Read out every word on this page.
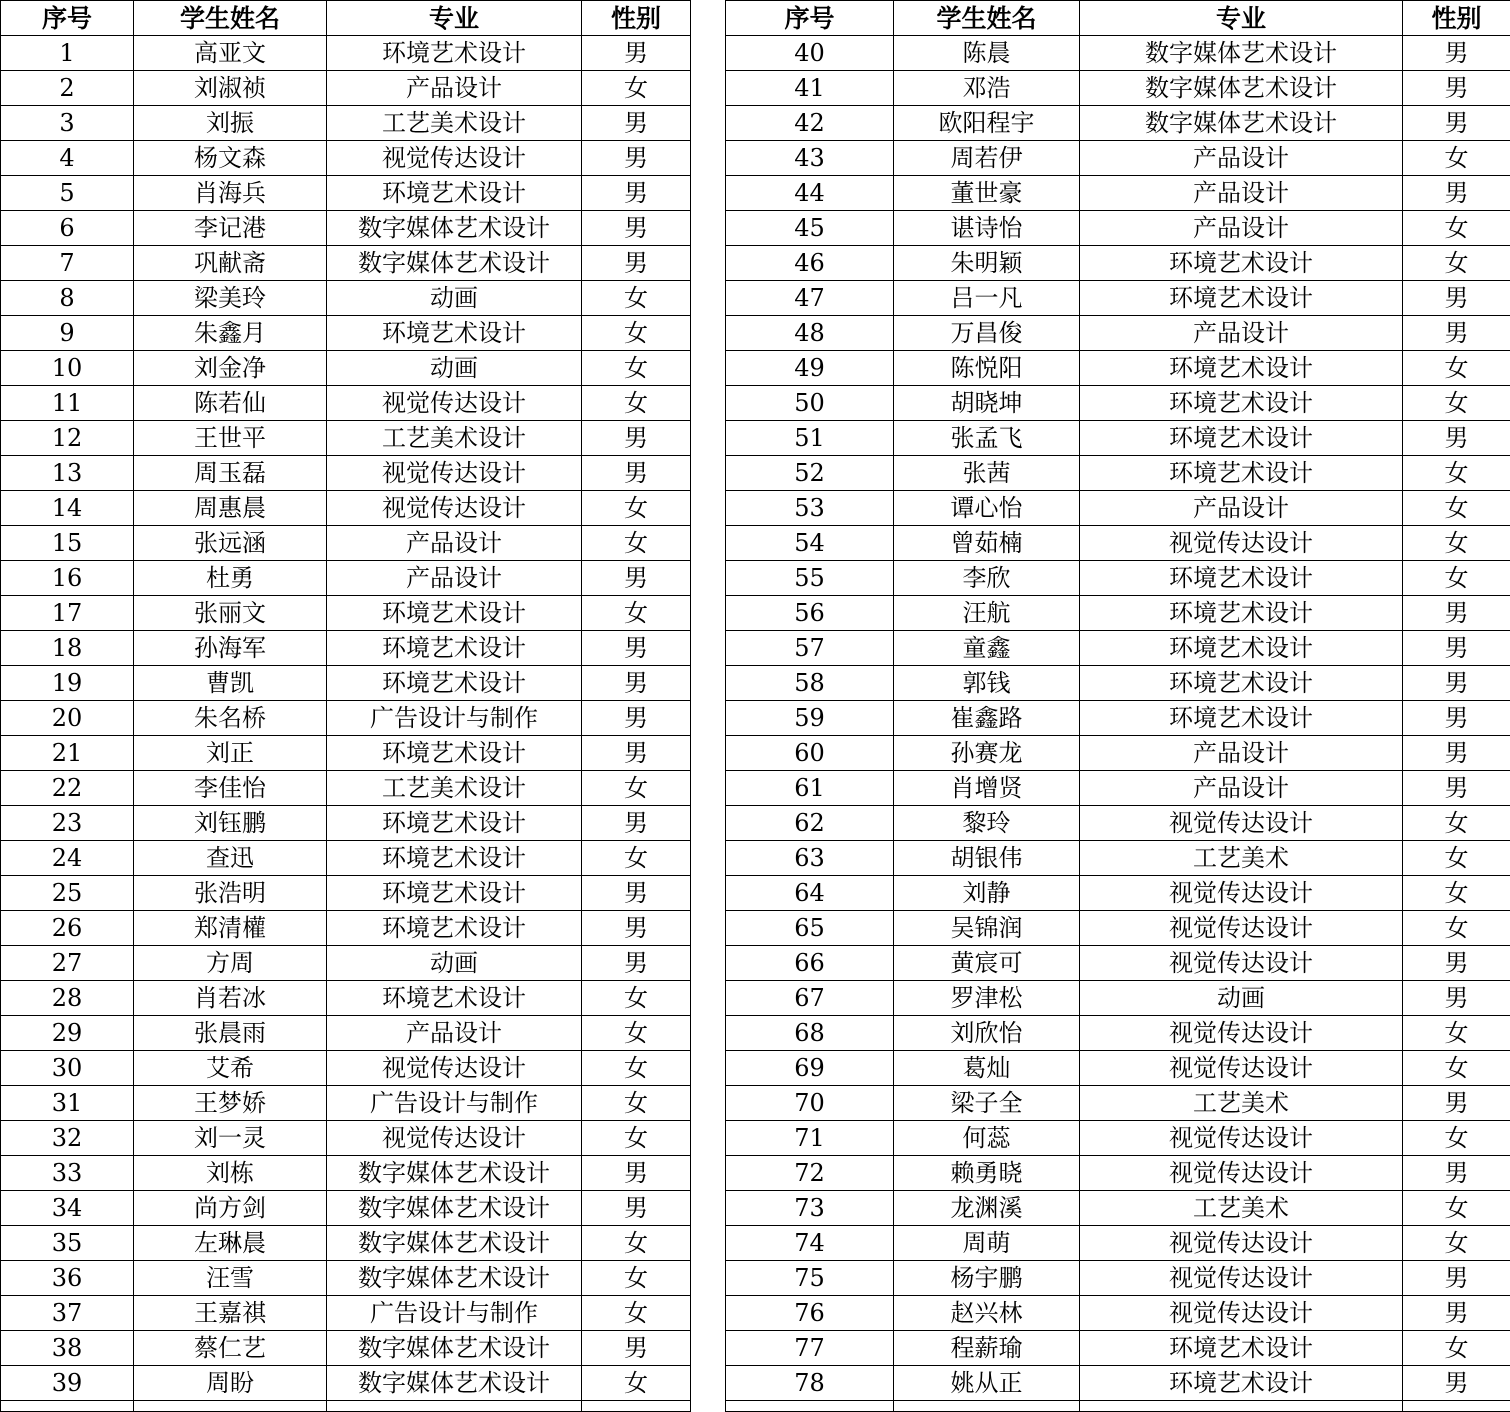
序号	学生姓名	专业	性别
1	高亚文	环境艺术设计	男
2	刘淑祯	产品设计	女
3	刘振	工艺美术设计	男
4	杨文森	视觉传达设计	男
5	肖海兵	环境艺术设计	男
6	李记港	数字媒体艺术设计	男
7	巩献斋	数字媒体艺术设计	男
8	梁美玲	动画	女
9	朱鑫月	环境艺术设计	女
10	刘金净	动画	女
11	陈若仙	视觉传达设计	女
12	王世平	工艺美术设计	男
13	周玉磊	视觉传达设计	男
14	周惠晨	视觉传达设计	女
15	张远涵	产品设计	女
16	杜勇	产品设计	男
17	张丽文	环境艺术设计	女
18	孙海军	环境艺术设计	男
19	曹凯	环境艺术设计	男
20	朱名桥	广告设计与制作	男
21	刘正	环境艺术设计	男
22	李佳怡	工艺美术设计	女
23	刘钰鹏	环境艺术设计	男
24	查迅	环境艺术设计	女
25	张浩明	环境艺术设计	男
26	郑清權	环境艺术设计	男
27	方周	动画	男
28	肖若冰	环境艺术设计	女
29	张晨雨	产品设计	女
30	艾希	视觉传达设计	女
31	王梦娇	广告设计与制作	女
32	刘一灵	视觉传达设计	女
33	刘栋	数字媒体艺术设计	男
34	尚方剑	数字媒体艺术设计	男
35	左琳晨	数字媒体艺术设计	女
36	汪雪	数字媒体艺术设计	女
37	王嘉祺	广告设计与制作	女
38	蔡仁艺	数字媒体艺术设计	男
39	周盼	数字媒体艺术设计	女

序号	学生姓名	专业	性别
40	陈晨	数字媒体艺术设计	男
41	邓浩	数字媒体艺术设计	男
42	欧阳程宇	数字媒体艺术设计	男
43	周若伊	产品设计	女
44	董世豪	产品设计	男
45	谌诗怡	产品设计	女
46	朱明颖	环境艺术设计	女
47	吕一凡	环境艺术设计	男
48	万昌俊	产品设计	男
49	陈悦阳	环境艺术设计	女
50	胡晓坤	环境艺术设计	女
51	张孟飞	环境艺术设计	男
52	张茜	环境艺术设计	女
53	谭心怡	产品设计	女
54	曾茹楠	视觉传达设计	女
55	李欣	环境艺术设计	女
56	汪航	环境艺术设计	男
57	童鑫	环境艺术设计	男
58	郭钱	环境艺术设计	男
59	崔鑫路	环境艺术设计	男
60	孙赛龙	产品设计	男
61	肖增贤	产品设计	男
62	黎玲	视觉传达设计	女
63	胡银伟	工艺美术	女
64	刘静	视觉传达设计	女
65	吴锦润	视觉传达设计	女
66	黄宸可	视觉传达设计	男
67	罗津松	动画	男
68	刘欣怡	视觉传达设计	女
69	葛灿	视觉传达设计	女
70	梁子全	工艺美术	男
71	何蕊	视觉传达设计	女
72	赖勇晓	视觉传达设计	男
73	龙渊溪	工艺美术	女
74	周萌	视觉传达设计	女
75	杨宇鹏	视觉传达设计	男
76	赵兴林	视觉传达设计	男
77	程薪瑜	环境艺术设计	女
78	姚从正	环境艺术设计	男
